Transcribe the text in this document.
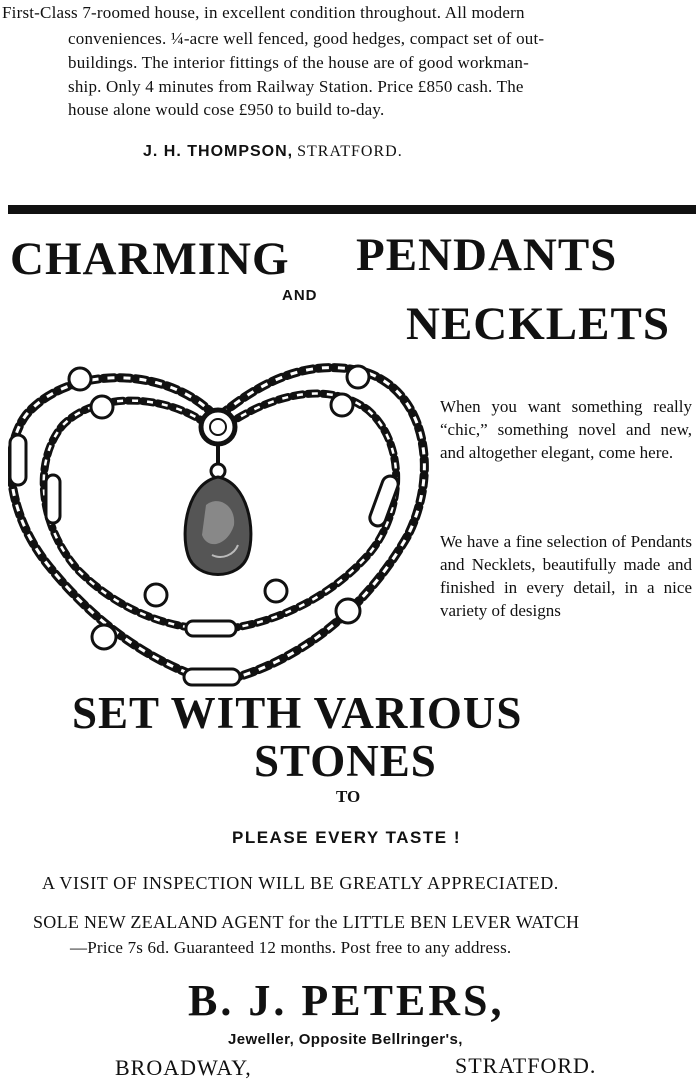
First-Class 7-roomed house, in excellent condition throughout. All modern
conveniences. ¼-acre well fenced, good hedges, compact set of out-
buildings. The interior fittings of the house are of good workman-
ship. Only 4 minutes from Railway Station. Price £850 cash. The
house alone would cose £950 to build to-day.
J. H. THOMPSON, STRATFORD.
CHARMING PENDANTS
AND
NECKLETS
When you want something really “chic,” something novel and new, and altogether elegant, come here.
We have a fine selection of Pendants and Necklets, beautifully made and finished in every detail, in a nice variety of designs
SET WITH VARIOUS
STONES
TO
PLEASE EVERY TASTE !
A VISIT OF INSPECTION WILL BE GREATLY APPRECIATED.
SOLE NEW ZEALAND AGENT for the LITTLE BEN LEVER WATCH
—Price 7s 6d. Guaranteed 12 months. Post free to any address.
B. J. PETERS,
Jeweller, Opposite Bellringer's,
BROADWAY,	STRATFORD.
